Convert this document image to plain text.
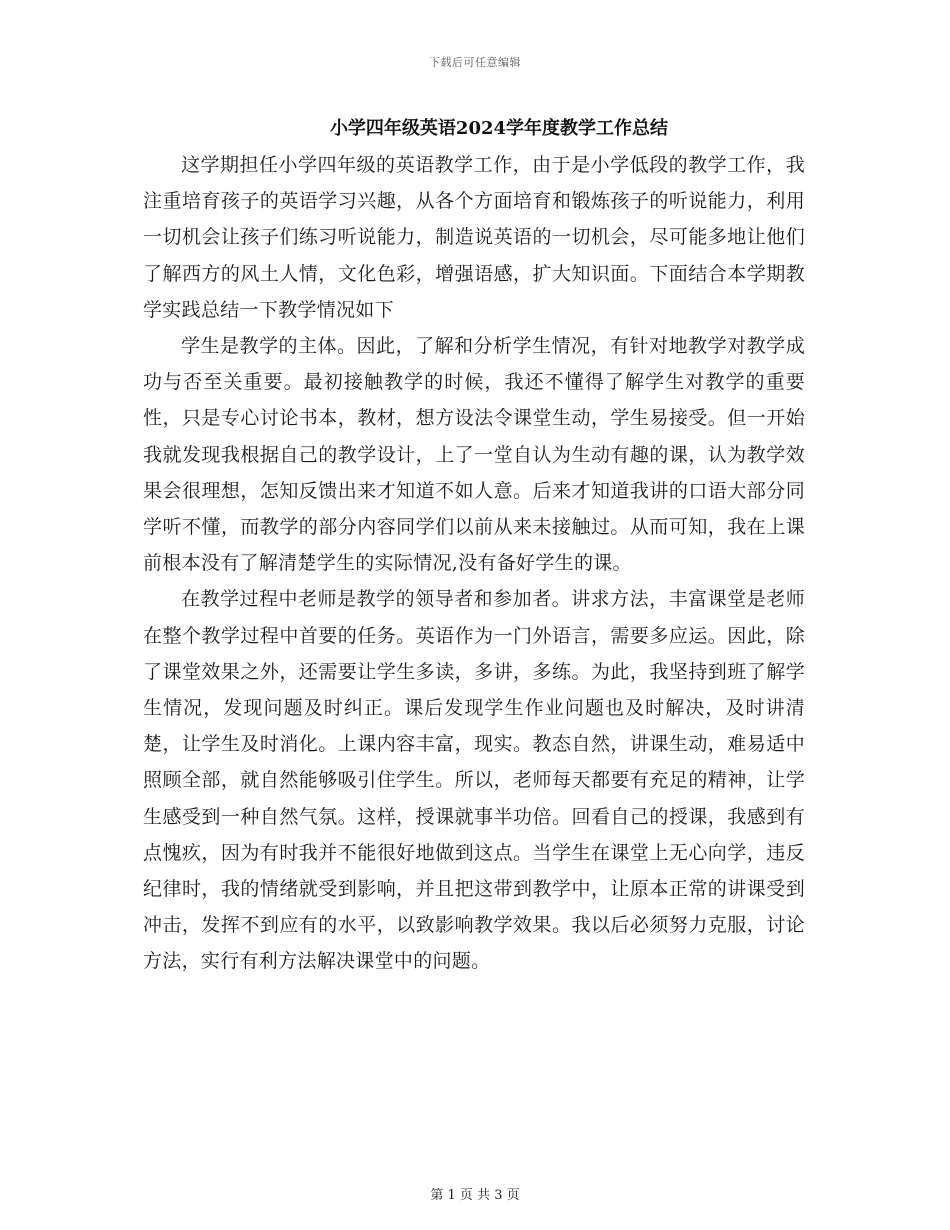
下载后可任意编辑
小学四年级英语2024学年度教学工作总结

这学期担任小学四年级的英语教学工作，由于是小学低段的教学工作，我注重培育孩子的英语学习兴趣，从各个方面培育和锻炼孩子的听说能力，利用一切机会让孩子们练习听说能力，制造说英语的一切机会，尽可能多地让他们了解西方的风土人情，文化色彩，增强语感，扩大知识面。下面结合本学期教学实践总结一下教学情况如下

学生是教学的主体。因此，了解和分析学生情况，有针对地教学对教学成功与否至关重要。最初接触教学的时候，我还不懂得了解学生对教学的重要性，只是专心讨论书本，教材，想方设法令课堂生动，学生易接受。但一开始我就发现我根据自己的教学设计，上了一堂自认为生动有趣的课，认为教学效果会很理想，怎知反馈出来才知道不如人意。后来才知道我讲的口语大部分同学听不懂，而教学的部分内容同学们以前从来未接触过。从而可知，我在上课前根本没有了解清楚学生的实际情况,没有备好学生的课。

在教学过程中老师是教学的领导者和参加者。讲求方法，丰富课堂是老师在整个教学过程中首要的任务。英语作为一门外语言，需要多应运。因此，除了课堂效果之外，还需要让学生多读，多讲，多练。为此，我坚持到班了解学生情况，发现问题及时纠正。课后发现学生作业问题也及时解决，及时讲清楚，让学生及时消化。上课内容丰富，现实。教态自然，讲课生动，难易适中照顾全部，就自然能够吸引住学生。所以，老师每天都要有充足的精神，让学生感受到一种自然气氛。这样，授课就事半功倍。回看自己的授课，我感到有点愧疚，因为有时我并不能很好地做到这点。当学生在课堂上无心向学，违反纪律时，我的情绪就受到影响，并且把这带到教学中，让原本正常的讲课受到冲击，发挥不到应有的水平，以致影响教学效果。我以后必须努力克服，讨论方法，实行有利方法解决课堂中的问题。

第 1 页 共 3 页
